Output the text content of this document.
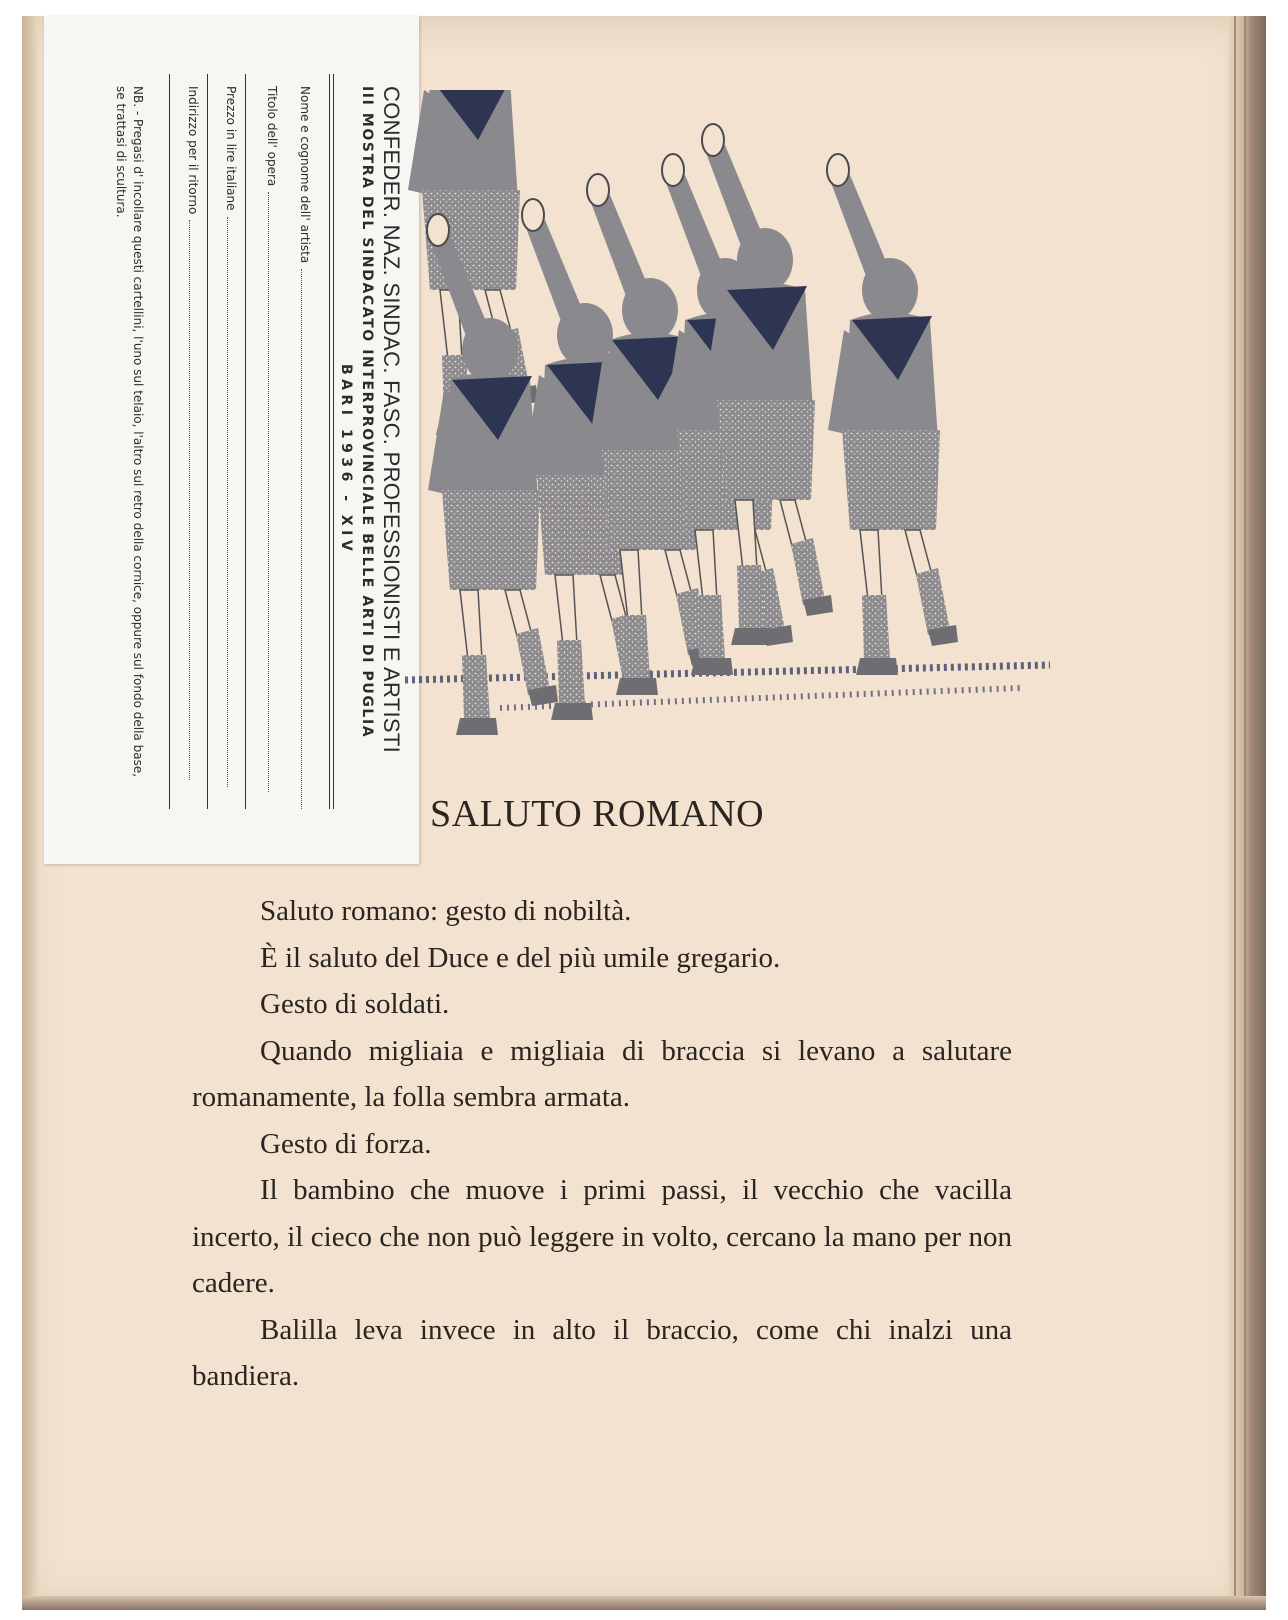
CONFEDER. NAZ. SINDAC. FASC. PROFESSIONISTI E ARTISTI
III MOSTRA DEL SINDACATO INTERPROVINCIALE BELLE ARTI DI PUGLIA
BARI 1936 - XIV
Nome e cognome dell' artista
Titolo dell' opera
Prezzo in lire italiane
Indirizzo per il ritorno
NB. - Pregasi d' incollare questi cartellini, l'uno sul telaio, l'altro sul retro della cornice, oppure sul fondo della base, se trattasi di scultura.
SALUTO ROMANO

Saluto romano: gesto di nobiltà.

È il saluto del Duce e del più umile gregario.

Gesto di soldati.

Quando migliaia e migliaia di braccia si levano a salutare romanamente, la folla sembra armata.

Gesto di forza.

Il bambino che muove i primi passi, il vecchio che vacilla incerto, il cieco che non può leggere in volto, cercano la mano per non cadere.

Balilla leva invece in alto il braccio, come chi inalzi una bandiera.
